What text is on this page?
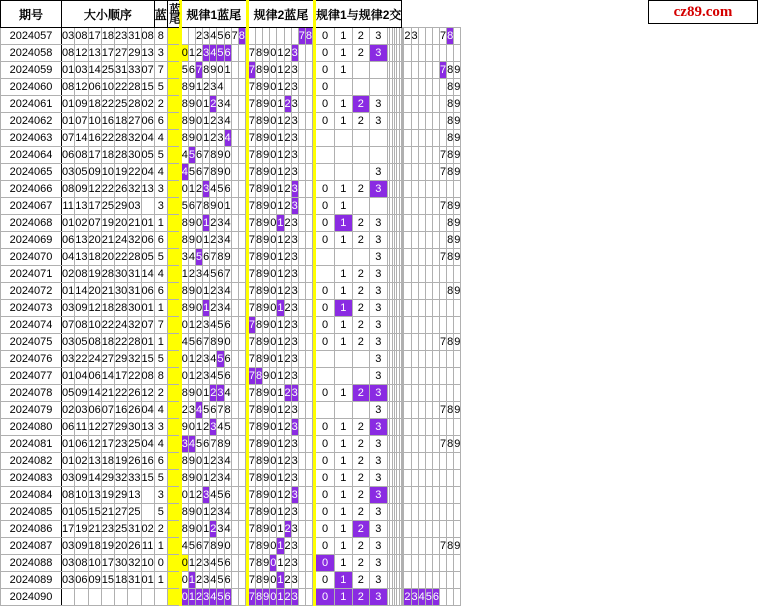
cz89.com
期号	大小顺序							蓝	蓝尾	规律1蓝尾										规律2蓝尾										规律1与规律2交																		
2024057	03	08	17	18	23	31	08	8				2	3	4	5	6	7	8									7	8		0	1	2	3									2	3				7	8	
2024058	08	12	13	17	27	29	13	3		0	1	2	3	4	5	6				7	8	9	0	1	2	3				0	1	2	3																
2024059	01	03	14	25	31	33	07	7		5	6	7	8	9	0	1				7	8	9	0	1	2	3				0	1																7	8	9
2024060	08	12	06	10	22	28	15	5		8	9	1	2	3	4					7	8	9	0	1	2	3				0																		8	9
2024061	01	09	18	22	25	28	02	2		8	9	0	1	2	3	4				7	8	9	0	1	2	3				0	1	2	3															8	9
2024062	01	07	10	16	18	27	06	6		8	9	0	1	2	3	4				7	8	9	0	1	2	3				0	1	2	3															8	9
2024063	07	14	16	22	28	32	04	4		8	9	0	1	2	3	4				7	8	9	0	1	2	3																						8	9
2024064	06	08	17	18	28	30	05	5		4	5	6	7	8	9	0				7	8	9	0	1	2	3																					7	8	9
2024065	03	05	09	10	19	22	04	4		4	5	6	7	8	9	0				7	8	9	0	1	2	3							3														7	8	9
2024066	08	09	12	22	26	32	13	3		0	1	2	3	4	5	6				7	8	9	0	1	2	3				0	1	2	3																
2024067	11	13	17	25	29	03		3		5	6	7	8	9	0	1				7	8	9	0	1	2	3				0	1																7	8	9
2024068	01	02	07	19	20	21	01	1		8	9	0	1	2	3	4				7	8	9	0	1	2	3				0	1	2	3															8	9
2024069	06	13	20	21	24	32	06	6		8	9	0	1	2	3	4				7	8	9	0	1	2	3				0	1	2	3															8	9
2024070	04	13	18	20	22	28	05	5		3	4	5	6	7	8	9				7	8	9	0	1	2	3							3														7	8	9
2024071	02	08	19	28	30	31	14	4		1	2	3	4	5	6	7				7	8	9	0	1	2	3					1	2	3																
2024072	01	14	20	21	30	31	06	6		8	9	0	1	2	3	4				7	8	9	0	1	2	3				0	1	2	3															8	9
2024073	03	09	12	18	28	30	01	1		8	9	0	1	2	3	4				7	8	9	0	1	2	3				0	1	2	3																
2024074	07	08	10	22	24	32	07	7		0	1	2	3	4	5	6				7	8	9	0	1	2	3				0	1	2	3																
2024075	03	05	08	18	22	28	01	1		4	5	6	7	8	9	0				7	8	9	0	1	2	3				0	1	2	3														7	8	9
2024076	03	22	24	27	29	32	15	5		0	1	2	3	4	5	6				7	8	9	0	1	2	3							3																
2024077	01	04	06	14	17	22	08	8		0	1	2	3	4	5	6				7	8	9	0	1	2	3							3																
2024078	05	09	14	21	22	26	12	2		8	9	0	1	2	3	4				7	8	9	0	1	2	3				0	1	2	3																
2024079	02	03	06	07	16	26	04	4		2	3	4	5	6	7	8				7	8	9	0	1	2	3							3														7	8	9
2024080	06	11	12	27	29	30	13	3		9	0	1	2	3	4	5				7	8	9	0	1	2	3				0	1	2	3																
2024081	01	06	12	17	23	25	04	4		3	4	5	6	7	8	9				7	8	9	0	1	2	3				0	1	2	3														7	8	9
2024082	01	02	13	18	19	26	16	6		8	9	0	1	2	3	4				7	8	9	0	1	2	3				0	1	2	3																
2024083	03	09	14	29	32	33	15	5		8	9	0	1	2	3	4				7	8	9	0	1	2	3				0	1	2	3																
2024084	08	10	13	19	29	13		3		0	1	2	3	4	5	6				7	8	9	0	1	2	3				0	1	2	3																
2024085	01	05	15	21	27	25		5		8	9	0	1	2	3	4				7	8	9	0	1	2	3				0	1	2	3																
2024086	17	19	21	23	25	31	02	2		8	9	0	1	2	3	4				7	8	9	0	1	2	3				0	1	2	3																
2024087	03	09	18	19	20	26	11	1		4	5	6	7	8	9	0				7	8	9	0	1	2	3				0	1	2	3														7	8	9
2024088	03	08	10	17	30	32	10	0		0	1	2	3	4	5	6				7	8	9	0	1	2	3				0	1	2	3																
2024089	03	06	09	15	18	31	01	1		0	1	2	3	4	5	6				7	8	9	0	1	2	3				0	1	2	3																
2024090										0	1	2	3	4	5	6				7	8	9	0	1	2	3				0	1	2	3									2	3	4	5	6			
